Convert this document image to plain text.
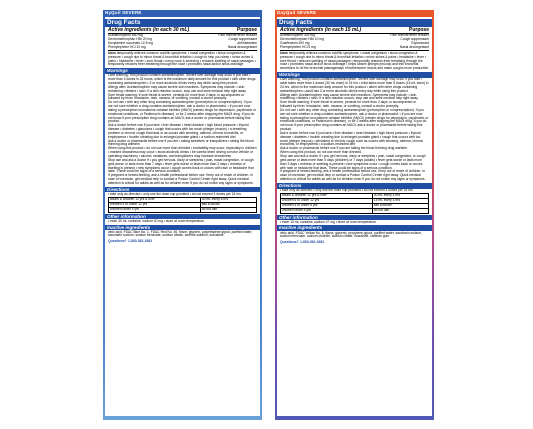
NyQuil SEVERE
Drug Facts
Active ingredients (in each 30 mL)	Purpose
Acetaminophen 650 mg	Pain reliever/fever reducer
Dextromethorphan HBr 20 mg	Cough suppressant
Doxylamine succinate 12.5 mg	Antihistamine
Phenylephrine HCl 10 mg	Nasal decongestant

Uses temporarily relieves common cold/flu symptoms: • nasal congestion • sinus congestion & pressure • cough due to minor throat & bronchial irritation • cough to help you sleep • minor aches & pains • headache • fever • sore throat • runny nose & sneezing • reduces swelling of nasal passages • temporarily restores freer breathing through the nose • promotes nasal and/or sinus drainage

Warnings

Liver warning: This product contains acetaminophen. Severe liver damage may occur if you take • more than 4 doses in 24 hours, which is the maximum daily amount for this product • with other drugs containing acetaminophen • 3 or more alcoholic drinks every day while using this product

Allergy alert: Acetaminophen may cause severe skin reactions. Symptoms may include: • skin reddening • blisters • rash. If a skin reaction occurs, stop use and seek medical help right away.

Sore throat warning: If sore throat is severe, persists for more than 2 days, is accompanied or followed by fever, headache, rash, nausea, or vomiting, consult a doctor promptly.

Do not use • with any other drug containing acetaminophen (prescription or nonprescription). If you are not sure whether a drug contains acetaminophen, ask a doctor or pharmacist. • if you are now taking a prescription monoamine oxidase inhibitor (MAOI) (certain drugs for depression, psychiatric or emotional conditions, or Parkinson's disease), or for 2 weeks after stopping the MAOI drug. If you do not know if your prescription drug contains an MAOI, ask a doctor or pharmacist before taking this product.

Ask a doctor before use if you have • liver disease • heart disease • high blood pressure • thyroid disease • diabetes • glaucoma • cough that occurs with too much phlegm (mucus) • a breathing problem or chronic cough that lasts or as occurs with smoking, asthma, chronic bronchitis, or emphysema • trouble urinating due to enlarged prostate gland • a sodium-restricted diet

Ask a doctor or pharmacist before use if you are • taking sedatives or tranquilizers • taking the blood thinning drug warfarin

When using this product • do not use more than directed • excitability may occur, especially in children • marked drowsiness may occur • avoid alcoholic drinks • be careful when driving a motor vehicle or operating machinery • alcohol, sedatives, and tranquilizers may increase drowsiness

Stop use and ask a doctor if • you get nervous, dizzy or sleepless • pain, nasal congestion, or cough gets worse or lasts more than 7 days • fever gets worse or lasts more than 3 days • redness or swelling is present • new symptoms occur • cough comes back or occurs with rash or headache that lasts. These could be signs of a serious condition.

If pregnant or breast-feeding, ask a health professional before use. Keep out of reach of children. In case of overdose, get medical help or contact a Poison Control Center right away. Quick medical attention is critical for adults as well as for children even if you do not notice any signs or symptoms.

Directions

• take only as directed • only use the dose cup provided • do not exceed 4 doses per 24 hrs

adults & children 12 yrs & over	30 mL every 6 hrs
children 4 to under 12 yrs	ask a doctor
children under 4 yrs	do not use
Other information

• each 30 mL contains: sodium 40 mg • store at room temperature

Inactive ingredients

citric acid, FD&C Blue No. 1, FD&C Red No. 40, flavor, glycerin, polyethylene glycol, purified water, saccharin sodium, sodium benzoate, sodium citrate, sorbitol solution, sucralose

Questions? 1-800-362-1683
DayQuil SEVERE
Drug Facts
Active ingredients (in each 15 mL)	Purpose
Acetaminophen 325 mg	Pain reliever/fever reducer
Dextromethorphan HBr 10 mg	Cough suppressant
Guaifenesin 200 mg	Expectorant
Phenylephrine HCl 5 mg	Nasal decongestant

Uses temporarily relieves common cold/flu symptoms: • nasal congestion • sinus congestion & pressure • cough due to minor throat & bronchial irritation • minor aches & pains • headache • fever • sore throat • reduces swelling of nasal passages • temporarily restores freer breathing through the nose • promotes nasal and/or sinus drainage • helps loosen phlegm (mucus) and thin bronchial secretions to rid the bronchial passageways of bothersome mucus and make coughs more productive.

Warnings

Liver warning: This product contains acetaminophen. Severe liver damage may occur if you take • adult takes more than 4 doses (30 mL each) in 24 hrs • child takes more than 5 doses (15 mL each) in 24 hrs, which is the maximum daily amount for this product • taken with other drugs containing acetaminophen • adult has 3 or more alcoholic drinks every day while using this product

Allergy alert: Acetaminophen may cause severe skin reactions. Symptoms may include: • skin reddening • blisters • rash. If a skin reaction occurs, stop use and seek medical help right away.

Sore throat warning: If sore throat is severe, persists for more than 2 days, is accompanied or followed by fever, headache, rash, nausea, or vomiting, consult a doctor promptly.

Do not use • with any other drug containing acetaminophen (prescription or nonprescription). If you are not sure whether a drug contains acetaminophen, ask a doctor or pharmacist. • if you are now taking a prescription monoamine oxidase inhibitor (MAOI) (certain drugs for depression, psychiatric or emotional conditions, or Parkinson's disease), or for 2 weeks after stopping the MAOI drug. If you do not know if your prescription drug contains an MAOI, ask a doctor or pharmacist before taking this product.

Ask a doctor before use if you have • liver disease • heart disease • high blood pressure • thyroid disease • diabetes • trouble urinating due to enlarged prostate gland • cough that occurs with too much phlegm (mucus) • persistent or chronic cough such as occurs with smoking, asthma, chronic bronchitis, or emphysema • a sodium-restricted diet

Ask a doctor or pharmacist before use if you are taking the blood thinning drug warfarin.

When using this product, do not use more than directed.

Stop use and ask a doctor if • you get nervous, dizzy or sleepless • pain, nasal congestion, or cough gets worse or lasts more than 5 days (children) or 7 days (adults) • fever gets worse or lasts more than 3 days • redness or swelling is present • new symptoms occur • cough comes back or occurs with rash or headache that lasts. These could be signs of a serious condition.

If pregnant or breast-feeding, ask a health professional before use. Keep out of reach of children. In case of overdose, get medical help or contact a Poison Control Center right away. Quick medical attention is critical for adults as well as for children even if you do not notice any signs or symptoms.

Directions

• take only as directed • only use the dose cup provided • do not exceed 4 doses per 24 hrs

adults & children 12 yrs & over	30 mL every 4 hrs
children 6 to under 12 yrs	15 mL every 4 hrs
children 4 to under 6 yrs	ask a doctor
children under 4 yrs	do not use
Other information

• each 15 mL contains: sodium 47 mg • store at room temperature

Inactive ingredients

citric acid, FD&C Yellow No. 6, flavor, glycerin, propylene glycol, purified water, saccharin sodium, sodium benzoate, sodium chloride, sodium citrate, sucralose, xanthan gum

Questions? 1-800-362-1683
